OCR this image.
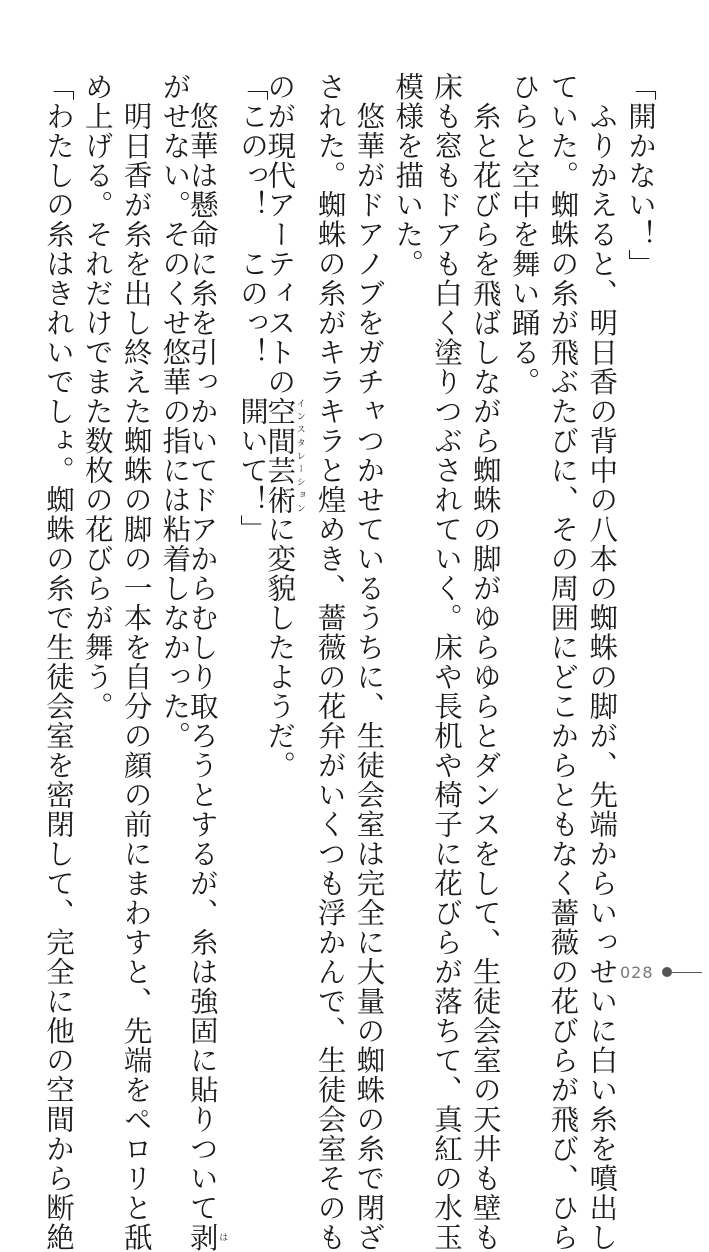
「開かない！」
　ふりかえると、明日香の背中の八本の蜘蛛の脚が、先端からいっせいに白い糸を噴出し
ていた。蜘蛛の糸が飛ぶたびに、その周囲にどこからともなく薔薇の花びらが飛び、ひら
ひらと空中を舞い踊る。
　糸と花びらを飛ばしながら蜘蛛の脚がゆらゆらとダンスをして、生徒会室の天井も壁も
床も窓もドアも白く塗りつぶされていく。床や長机や椅子に花びらが落ちて、真紅の水玉
模様を描いた。
　悠華がドアノブをガチャつかせているうちに、生徒会室は完全に大量の蜘蛛の糸で閉ざ
された。蜘蛛の糸がキラキラと煌めき、薔薇の花弁がいくつも浮かんで、生徒会室そのも
のが現代アーティストの空間芸術インスタレーションに変貌したようだ。
「このっ！　このっ！　開いて！」
　悠華は懸命に糸を引っかいてドアからむしり取ろうとするが、糸は強固に貼りついて剥は
がせない。そのくせ悠華の指には粘着しなかった。
　明日香が糸を出し終えた蜘蛛の脚の一本を自分の顔の前にまわすと、先端をペロリと舐
め上げる。それだけでまた数枚の花びらが舞う。
「わたしの糸はきれいでしょ。蜘蛛の糸で生徒会室を密閉して、完全に他の空間から断絶	028
